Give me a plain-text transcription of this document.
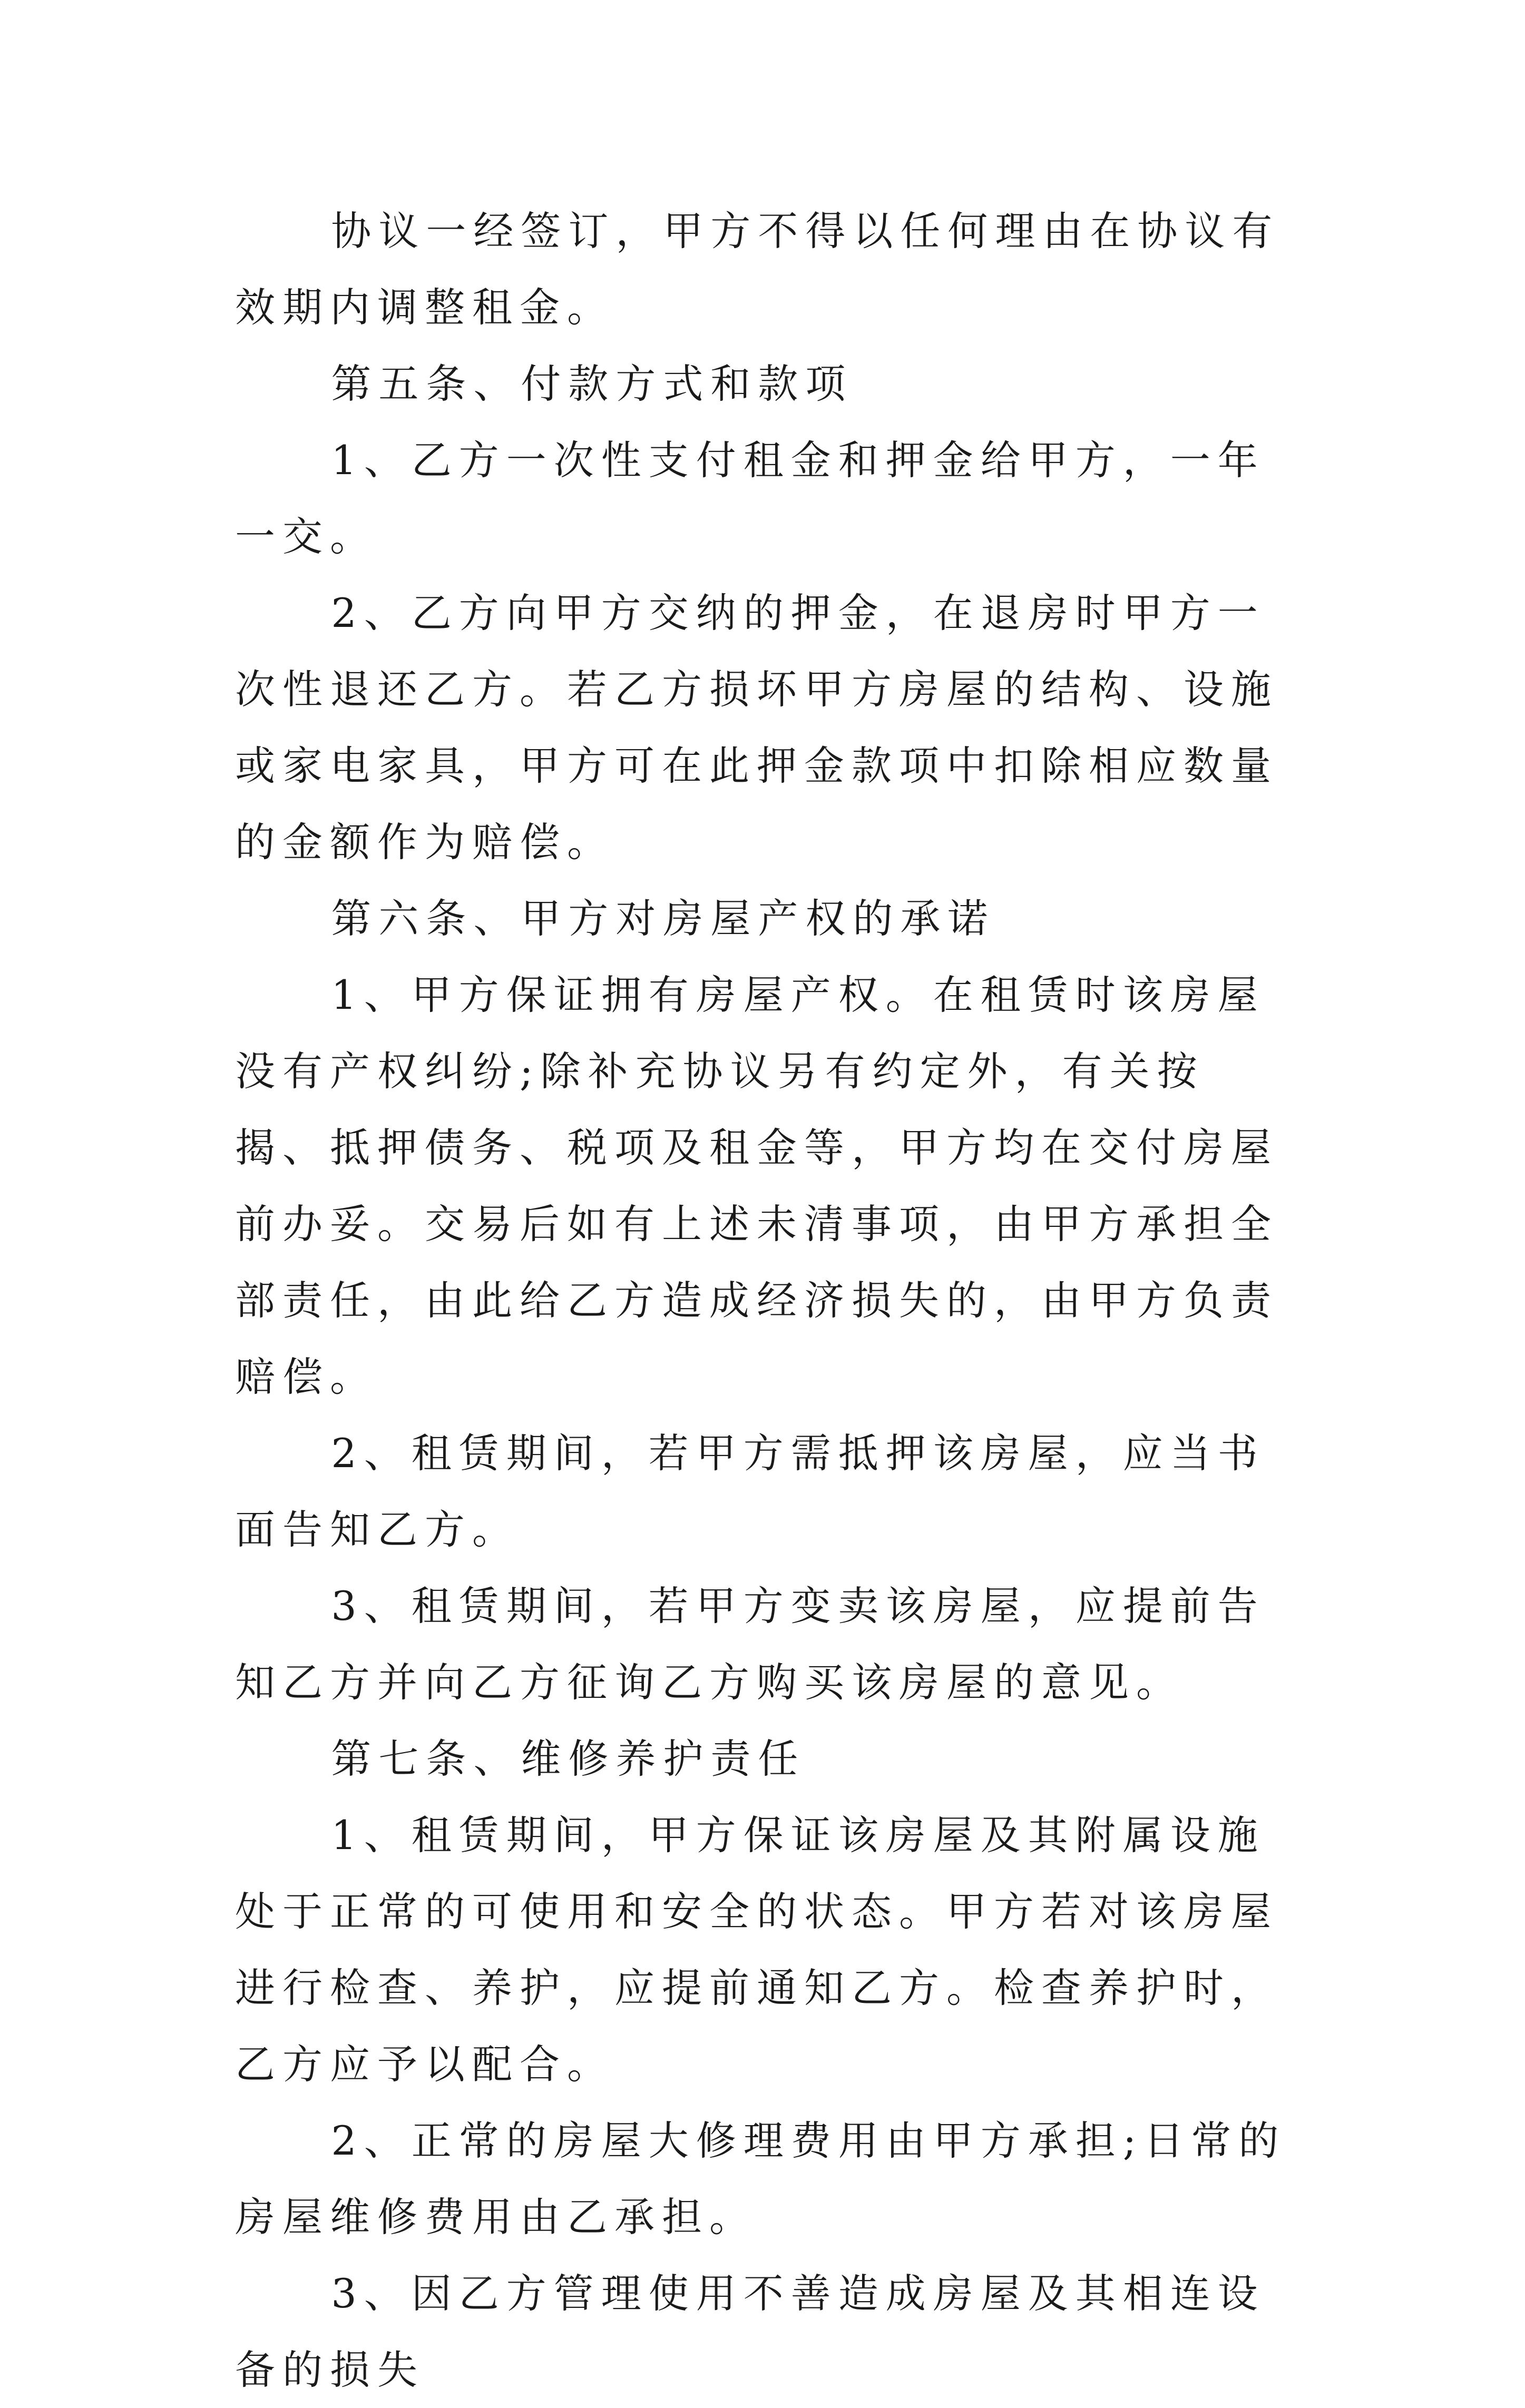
协议一经签订，甲方不得以任何理由在协议有效期内调整租金。

第五条、付款方式和款项

1、乙方一次性支付租金和押金给甲方，一年一交。

2、乙方向甲方交纳的押金，在退房时甲方一次性退还乙方。若乙方损坏甲方房屋的结构、设施或家电家具，甲方可在此押金款项中扣除相应数量的金额作为赔偿。

第六条、甲方对房屋产权的承诺

1、甲方保证拥有房屋产权。在租赁时该房屋没有产权纠纷;除补充协议另有约定外，有关按揭、抵押债务、税项及租金等，甲方均在交付房屋前办妥。交易后如有上述未清事项，由甲方承担全部责任，由此给乙方造成经济损失的，由甲方负责赔偿。

2、租赁期间，若甲方需抵押该房屋，应当书面告知乙方。

3、租赁期间，若甲方变卖该房屋，应提前告知乙方并向乙方征询乙方购买该房屋的意见。

第七条、维修养护责任

1、租赁期间，甲方保证该房屋及其附属设施处于正常的可使用和安全的状态。甲方若对该房屋进行检查、养护，应提前通知乙方。检查养护时，乙方应予以配合。

2、正常的房屋大修理费用由甲方承担;日常的房屋维修费用由乙承担。

3、因乙方管理使用不善造成房屋及其相连设备的损失
